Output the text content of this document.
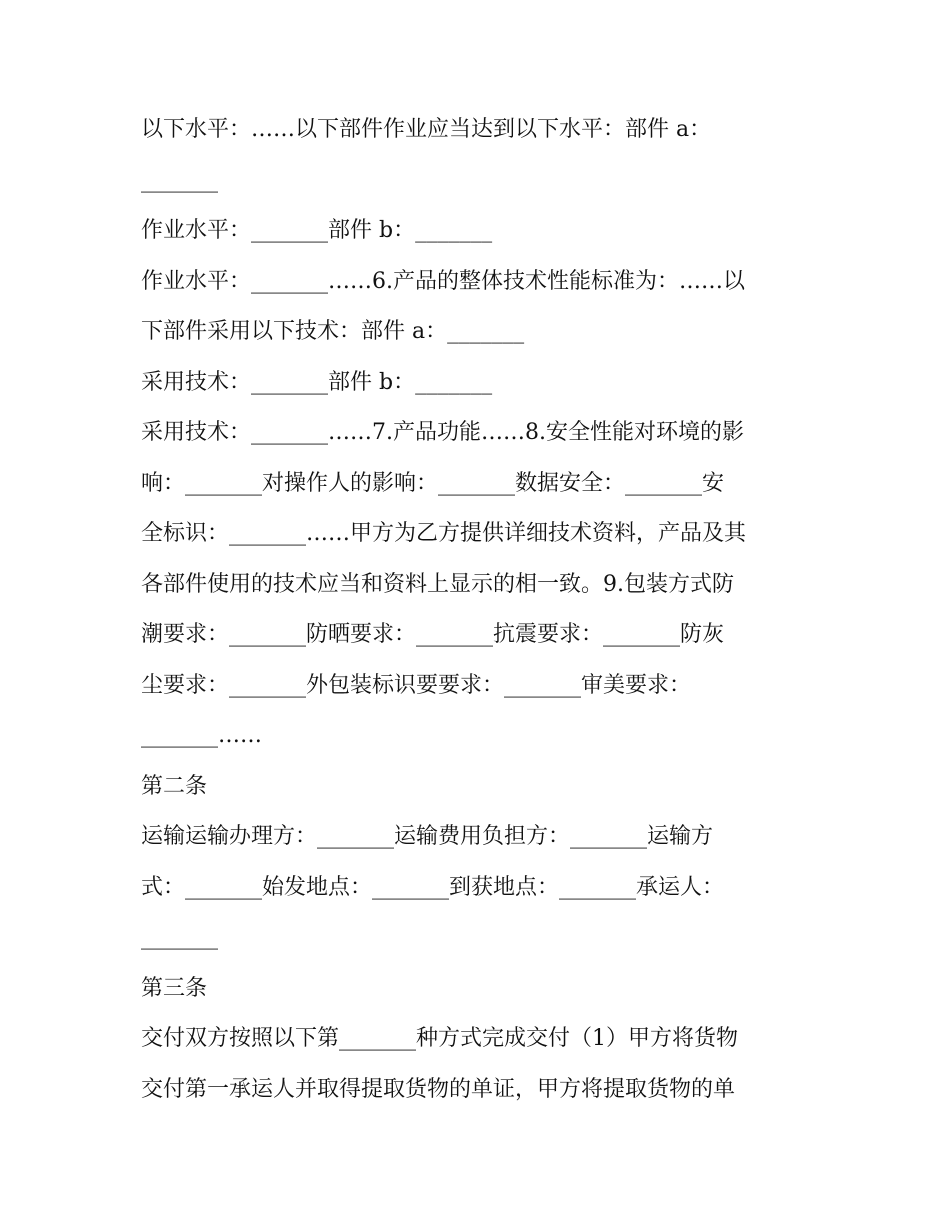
以下水平：……以下部件作业应当达到以下水平：部件 a：

_______

作业水平：_______部件 b：_______

作业水平：_______……6.产品的整体技术性能标准为：……以

下部件采用以下技术：部件 a：_______

采用技术：_______部件 b：_______

采用技术：_______……7.产品功能……8.安全性能对环境的影

响：_______对操作人的影响：_______数据安全：_______安

全标识：_______……甲方为乙方提供详细技术资料，产品及其

各部件使用的技术应当和资料上显示的相一致。9.包装方式防

潮要求：_______防晒要求：_______抗震要求：_______防灰

尘要求：_______外包装标识要要求：_______审美要求：

_______……

第二条

运输运输办理方：_______运输费用负担方：_______运输方

式：_______始发地点：_______到获地点：_______承运人：

_______

第三条

交付双方按照以下第_______种方式完成交付（1）甲方将货物

交付第一承运人并取得提取货物的单证，甲方将提取货物的单
